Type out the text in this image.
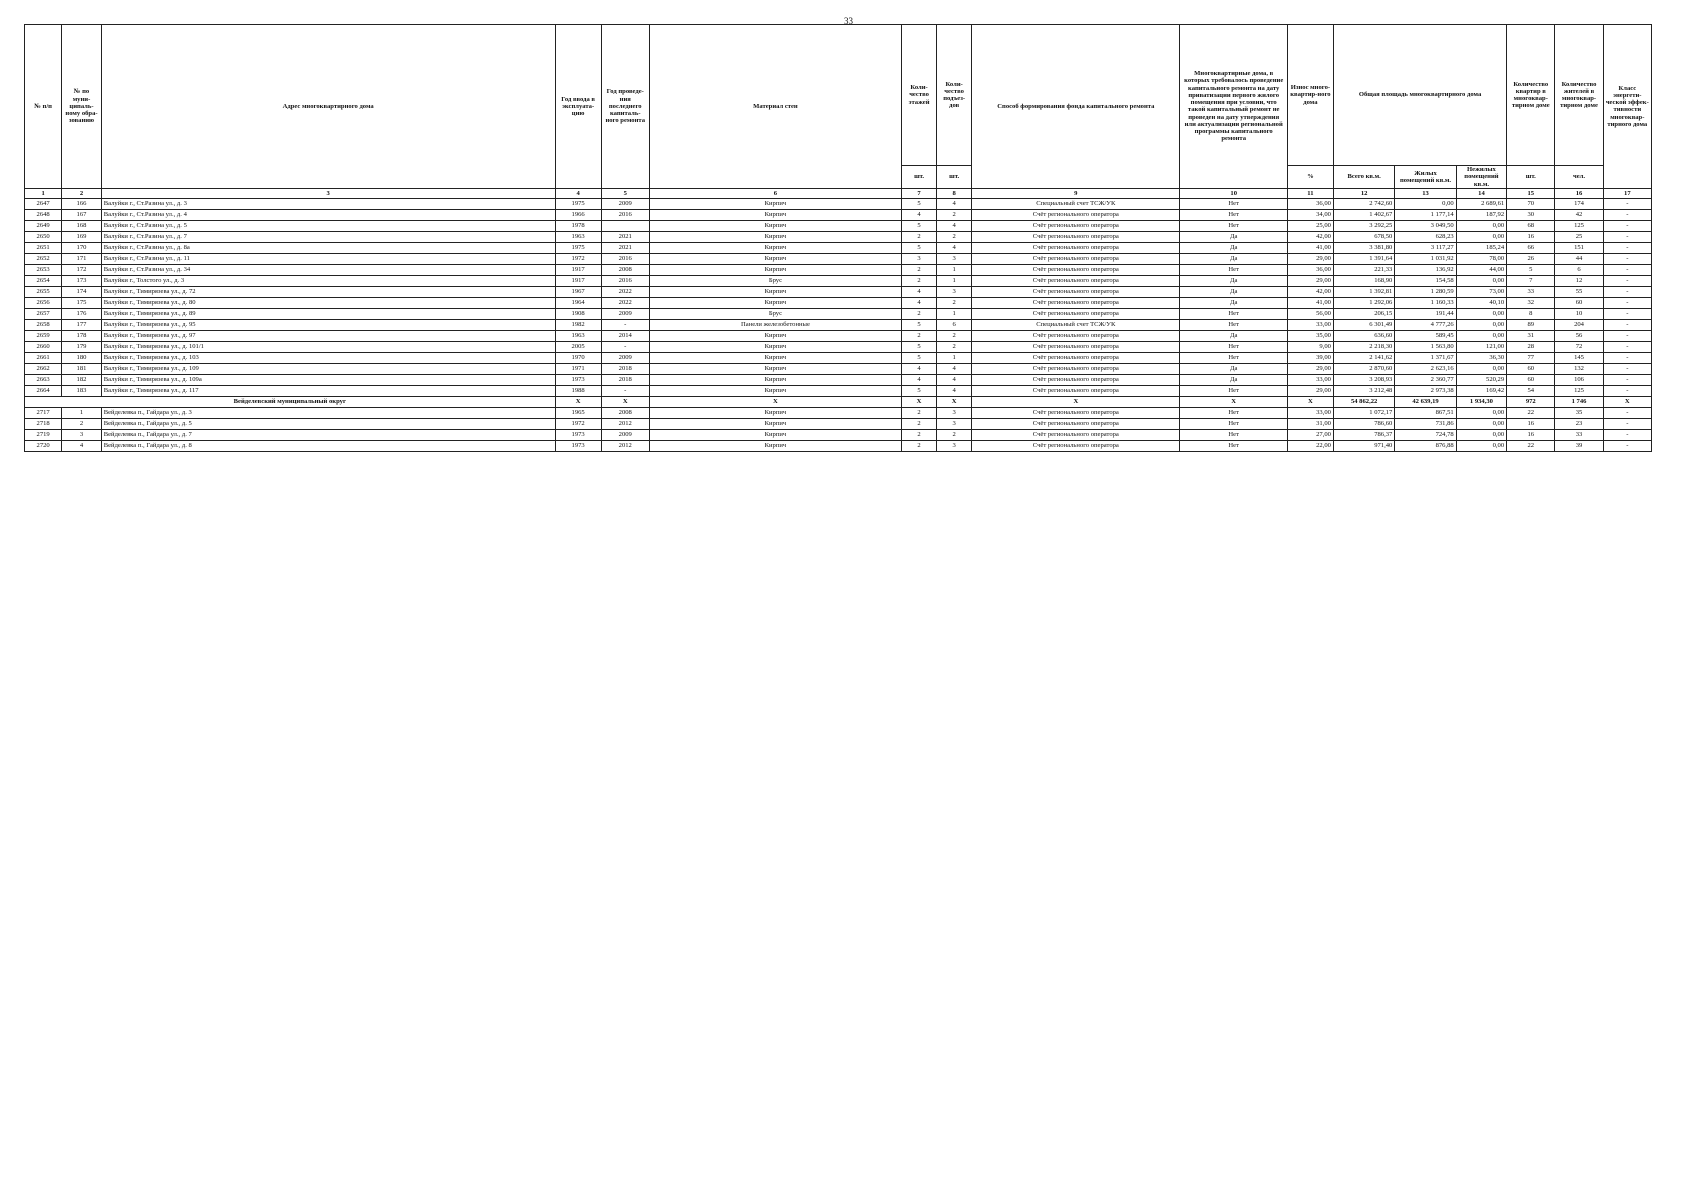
33
№ п/п	№ по муни-ципаль-ному обра-зованию	Адрес многоквартирного дома	Год ввода в эксплуата-цию	Год проведе-ния последнего капиталь-ного ремонта	Материал стен	Коли-чество этажей	Коли-чество подъез-дов	Способ формирования фонда капитального ремонта	Многоквартирные дома, в которых требовалось проведение капитального ремонта на дату приватизации первого жилого помещения при условии, что такой капитальный ремонт не проведен на дату утверждения или актуализации региональной программы капитального ремонта	Износ много-квартир-ного дома	Общая площадь многоквартирного дома			Количество квартир в многоквар-тирном доме	Количество жителей в многоквар-тирном доме	Класс энергети-ческой эффек-тивности многоквар-тирного дома
						шт.	шт.			%	Всего кв.м.	Жилых помещений кв.м.	Нежилых помещений кв.м.	шт.	чел.	
1	2	3	4	5	6	7	8	9	10	11	12	13	14	15	16	17
2647	166	Валуйки г., Ст.Разина ул., д. 3	1975	2009	Кирпич	5	4	Специальный счет ТСЖ/УК	Нет	36,00	2 742,60	0,00	2 689,61	70	174	-
2648	167	Валуйки г., Ст.Разина ул., д. 4	1966	2016	Кирпич	4	2	Счёт регионального оператора	Нет	34,00	1 402,67	1 177,14	187,92	30	42	-
2649	168	Валуйки г., Ст.Разина ул., д. 5	1978		Кирпич	5	4	Счёт регионального оператора	Нет	25,00	3 292,25	3 049,50	0,00	68	125	-
2650	169	Валуйки г., Ст.Разина ул., д. 7	1963	2021	Кирпич	2	2	Счёт регионального оператора	Да	42,00	678,50	628,23	0,00	16	25	-
2651	170	Валуйки г., Ст.Разина ул., д. 8а	1975	2021	Кирпич	5	4	Счёт регионального оператора	Да	41,00	3 381,80	3 117,27	185,24	66	151	-
2652	171	Валуйки г., Ст.Разина ул., д. 11	1972	2016	Кирпич	3	3	Счёт регионального оператора	Да	29,00	1 391,64	1 031,92	78,00	26	44	-
2653	172	Валуйки г., Ст.Разина ул., д. 34	1917	2008	Кирпич	2	1	Счёт регионального оператора	Нет	36,00	221,33	136,92	44,00	5	6	-
2654	173	Валуйки г., Толстого ул., д. 3	1917	2016	Брус	2	1	Счёт регионального оператора	Да	29,00	168,90	154,58	0,00	7	12	-
2655	174	Валуйки г., Тимирязева ул., д. 72	1967	2022	Кирпич	4	3	Счёт регионального оператора	Да	42,00	1 392,81	1 280,59	73,00	33	55	-
2656	175	Валуйки г., Тимирязева ул., д. 80	1964	2022	Кирпич	4	2	Счёт регионального оператора	Да	41,00	1 292,06	1 160,33	40,10	32	60	-
2657	176	Валуйки г., Тимирязева ул., д. 89	1908	2009	Брус	2	1	Счёт регионального оператора	Нет	56,00	206,15	191,44	0,00	8	10	-
2658	177	Валуйки г., Тимирязева ул., д. 95	1982	-	Панели железобетонные	5	6	Специальный счет ТСЖ/УК	Нет	33,00	6 301,49	4 777,26	0,00	89	204	-
2659	178	Валуйки г., Тимирязева ул., д. 97	1963	2014	Кирпич	2	2	Счёт регионального оператора	Да	35,00	636,60	589,45	0,00	31	56	-
2660	179	Валуйки г., Тимирязева ул., д. 101/1	2005	-	Кирпич	5	2	Счёт регионального оператора	Нет	9,00	2 218,30	1 563,80	121,00	28	72	-
2661	180	Валуйки г., Тимирязева ул., д. 103	1970	2009	Кирпич	5	1	Счёт регионального оператора	Нет	39,00	2 141,62	1 371,67	36,30	77	145	-
2662	181	Валуйки г., Тимирязева ул., д. 109	1971	2018	Кирпич	4	4	Счёт регионального оператора	Да	29,00	2 870,60	2 623,16	0,00	60	132	-
2663	182	Валуйки г., Тимирязева ул., д. 109а	1973	2018	Кирпич	4	4	Счёт регионального оператора	Да	33,00	3 208,93	2 360,77	520,29	60	106	-
2664	183	Валуйки г., Тимирязева ул., д. 117	1988	-	Кирпич	5	4	Счёт регионального оператора	Нет	29,00	3 212,48	2 973,38	169,42	54	125	-
Вейделевский муниципальный округ			X	X	X	X	X	X	X	X	54 862,22	42 639,19	1 934,30	972	1 746	X
2717	1	Вейделевка п., Гайдара ул., д. 3	1965	2008	Кирпич	2	3	Счёт регионального оператора	Нет	33,00	1 072,17	867,51	0,00	22	35	-
2718	2	Вейделевка п., Гайдара ул., д. 5	1972	2012	Кирпич	2	3	Счёт регионального оператора	Нет	31,00	786,60	731,86	0,00	16	23	-
2719	3	Вейделевка п., Гайдара ул., д. 7	1973	2009	Кирпич	2	2	Счёт регионального оператора	Нет	27,00	786,37	724,78	0,00	16	33	-
2720	4	Вейделевка п., Гайдара ул., д. 8	1973	2012	Кирпич	2	3	Счёт регионального оператора	Нет	22,00	971,40	876,88	0,00	22	39	-
